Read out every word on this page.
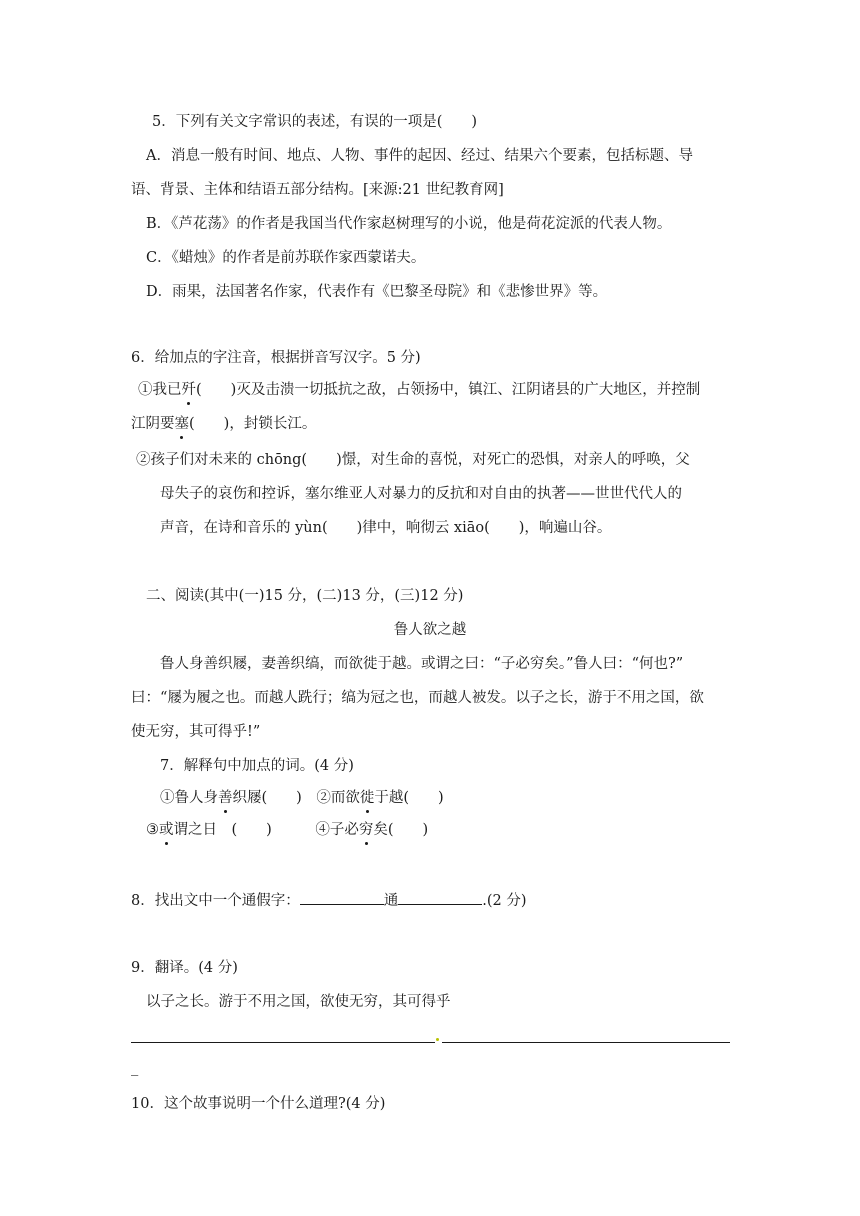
5．下列有关文字常识的表述，有误的一项是(　　)
A．消息一般有时间、地点、人物、事件的起因、经过、结果六个要素，包括标题、导
语、背景、主体和结语五部分结构。[来源:21 世纪教育网]
B．《芦花荡》的作者是我国当代作家赵树理写的小说，他是荷花淀派的代表人物。
C．《蜡烛》的作者是前苏联作家西蒙诺夫。
D．雨果，法国著名作家，代表作有《巴黎圣母院》和《悲惨世界》等。
6．给加点的字注音，根据拼音写汉字。5 分)
①我已歼(　　)灭及击溃一切抵抗之敌，占领扬中，镇江、江阴诸县的广大地区，并控制
江阴要塞(　　)，封锁长江。
②孩子们对未来的 chōng(　　)憬，对生命的喜悦，对死亡的恐惧，对亲人的呼唤，父
母失子的哀伤和控诉，塞尔维亚人对暴力的反抗和对自由的执著——世世代代人的
声音，在诗和音乐的 yùn(　　)律中，响彻云 xiāo(　　)，响遍山谷。
二、阅读(其中(一)15 分，(二)13 分，(三)12 分)
鲁人欲之越
鲁人身善织屦，妻善织缟，而欲徙于越。或谓之曰：“子必穷矣。”鲁人曰：“何也?”
曰：“屦为履之也。而越人跣行；缟为冠之也，而越人被发。以子之长，游于不用之国，欲
使无穷，其可得乎!”
7．解释句中加点的词。(4 分)
①鲁人身善织屦(　　)　②而欲徙于越(　　)
③或谓之日　(　　)　　　④子必穷矣(　　)
8．找出文中一个通假字：	通	.(2 分)
9．翻译。(4 分)
以子之长。游于不用之国，欲使无穷，其可得乎
_
10．这个故事说明一个什么道理?(4 分)
